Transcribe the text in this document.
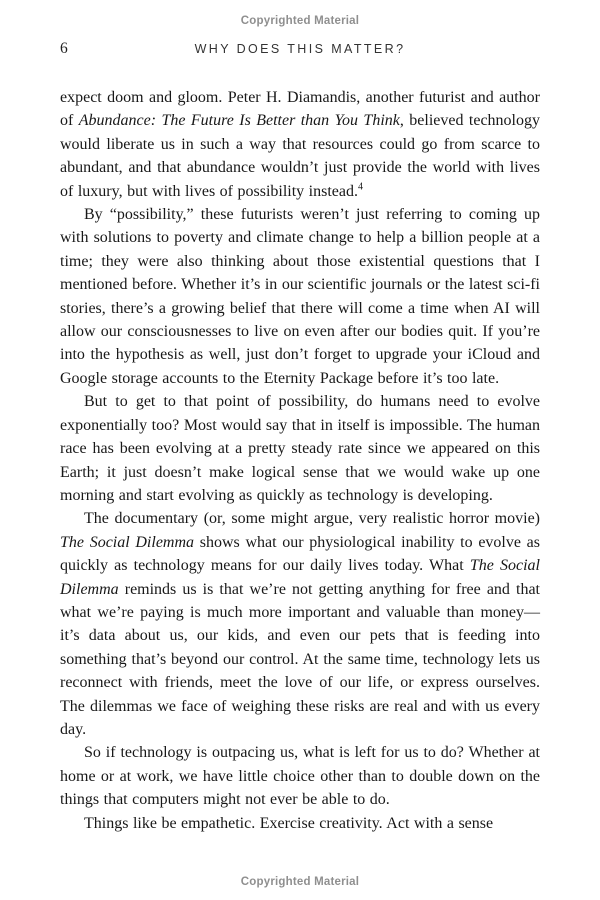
Copyrighted Material
6	WHY DOES THIS MATTER?

expect doom and gloom. Peter H. Diamandis, another futurist and author of Abundance: The Future Is Better than You Think, believed technology would liberate us in such a way that resources could go from scarce to abundant, and that abundance wouldn’t just provide the world with lives of luxury, but with lives of possibility instead.$^4$

By “possibility,” these futurists weren’t just referring to coming up with solutions to poverty and climate change to help a billion people at a time; they were also thinking about those existential questions that I mentioned before. Whether it’s in our scientific journals or the latest sci-fi stories, there’s a growing belief that there will come a time when AI will allow our consciousnesses to live on even after our bodies quit. If you’re into the hypothesis as well, just don’t forget to upgrade your iCloud and Google storage accounts to the Eternity Package before it’s too late.

But to get to that point of possibility, do humans need to evolve exponentially too? Most would say that in itself is impossible. The human race has been evolving at a pretty steady rate since we appeared on this Earth; it just doesn’t make logical sense that we would wake up one morning and start evolving as quickly as technology is developing.

The documentary (or, some might argue, very realistic horror movie) The Social Dilemma shows what our physiological inability to evolve as quickly as technology means for our daily lives today. What The Social Dilemma reminds us is that we’re not getting anything for free and that what we’re paying is much more important and valuable than money—it’s data about us, our kids, and even our pets that is feeding into something that’s beyond our control. At the same time, technology lets us reconnect with friends, meet the love of our life, or express ourselves. The dilemmas we face of weighing these risks are real and with us every day.

So if technology is outpacing us, what is left for us to do? Whether at home or at work, we have little choice other than to double down on the things that computers might not ever be able to do.

Things like be empathetic. Exercise creativity. Act with a sense

Copyrighted Material
